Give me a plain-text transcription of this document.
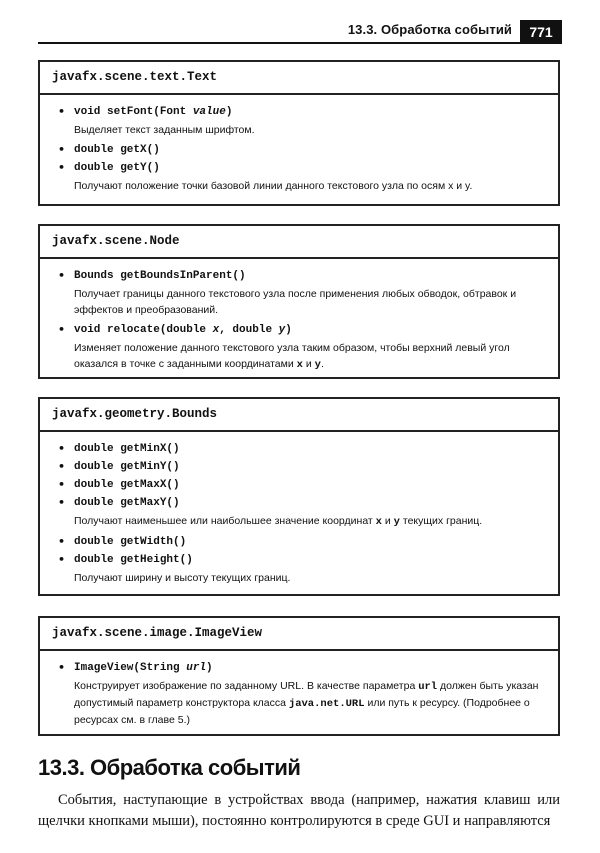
13.3. Обработка событий	771
javafx.scene.text.Text
• void setFont(Font value)
Выделяет текст заданным шрифтом.
• double getX()
• double getY()
Получают положение точки базовой линии данного текстового узла по осям x и y.
javafx.scene.Node
• Bounds getBoundsInParent()
Получает границы данного текстового узла после применения любых обводок, обтравок и эффектов и преобразований.
• void relocate(double x, double y)
Изменяет положение данного текстового узла таким образом, чтобы верхний левый угол оказался в точке с заданными координатами x и y.
javafx.geometry.Bounds
• double getMinX()
• double getMinY()
• double getMaxX()
• double getMaxY()
Получают наименьшее или наибольшее значение координат x и y текущих границ.
• double getWidth()
• double getHeight()
Получают ширину и высоту текущих границ.
javafx.scene.image.ImageView
• ImageView(String url)
Конструирует изображение по заданному URL. В качестве параметра url должен быть указан допустимый параметр конструктора класса java.net.URL или путь к ресурсу. (Подробнее о ресурсах см. в главе 5.)
13.3. Обработка событий

События, наступающие в устройствах ввода (например, нажатия клавиш или щелчки кнопками мыши), постоянно контролируются в среде GUI и направляются
